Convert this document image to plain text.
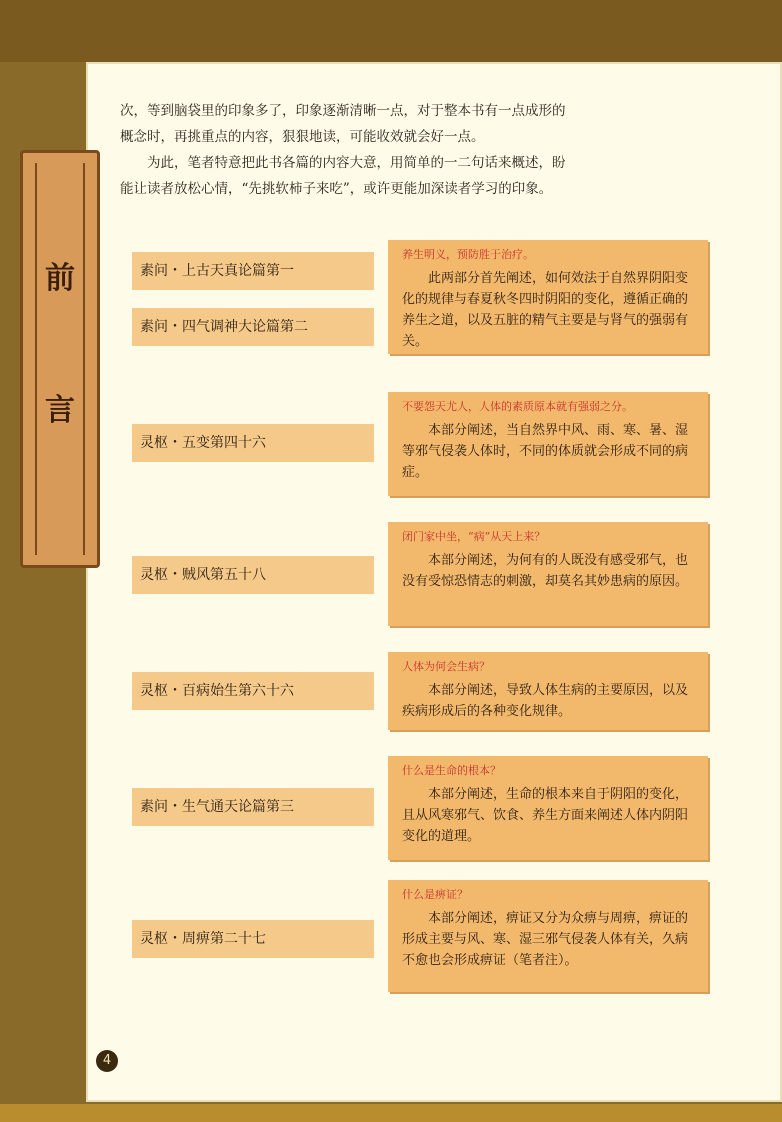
前
言

次，等到脑袋里的印象多了，印象逐渐清晰一点，对于整本书有一点成形的

概念时，再挑重点的内容，狠狠地读，可能收效就会好一点。

为此，笔者特意把此书各篇的内容大意，用简单的一二句话来概述，盼

能让读者放松心情，“先挑软柿子来吃”，或许更能加深读者学习的印象。

素问・上古天真论篇第一
素问・四气调神大论篇第二
灵枢・五变第四十六
灵枢・贼风第五十八
灵枢・百病始生第六十六
素问・生气通天论篇第三
灵枢・周痹第二十七
养生明义，预防胜于治疗。
此两部分首先阐述，如何效法于自然界阴阳变化的规律与春夏秋冬四时阴阳的变化，遵循正确的养生之道，以及五脏的精气主要是与肾气的强弱有关。
不要怨天尤人，人体的素质原本就有强弱之分。
本部分阐述，当自然界中风、雨、寒、暑、湿等邪气侵袭人体时，不同的体质就会形成不同的病症。
闭门家中坐，“病”从天上来？
本部分阐述，为何有的人既没有感受邪气，也没有受惊恐情志的刺激，却莫名其妙患病的原因。
人体为何会生病？
本部分阐述，导致人体生病的主要原因，以及疾病形成后的各种变化规律。
什么是生命的根本？
本部分阐述，生命的根本来自于阴阳的变化，且从风寒邪气、饮食、养生方面来阐述人体内阴阳变化的道理。
什么是痹证？
本部分阐述，痹证又分为众痹与周痹，痹证的形成主要与风、寒、湿三邪气侵袭人体有关，久病不愈也会形成痹证（笔者注）。
4
